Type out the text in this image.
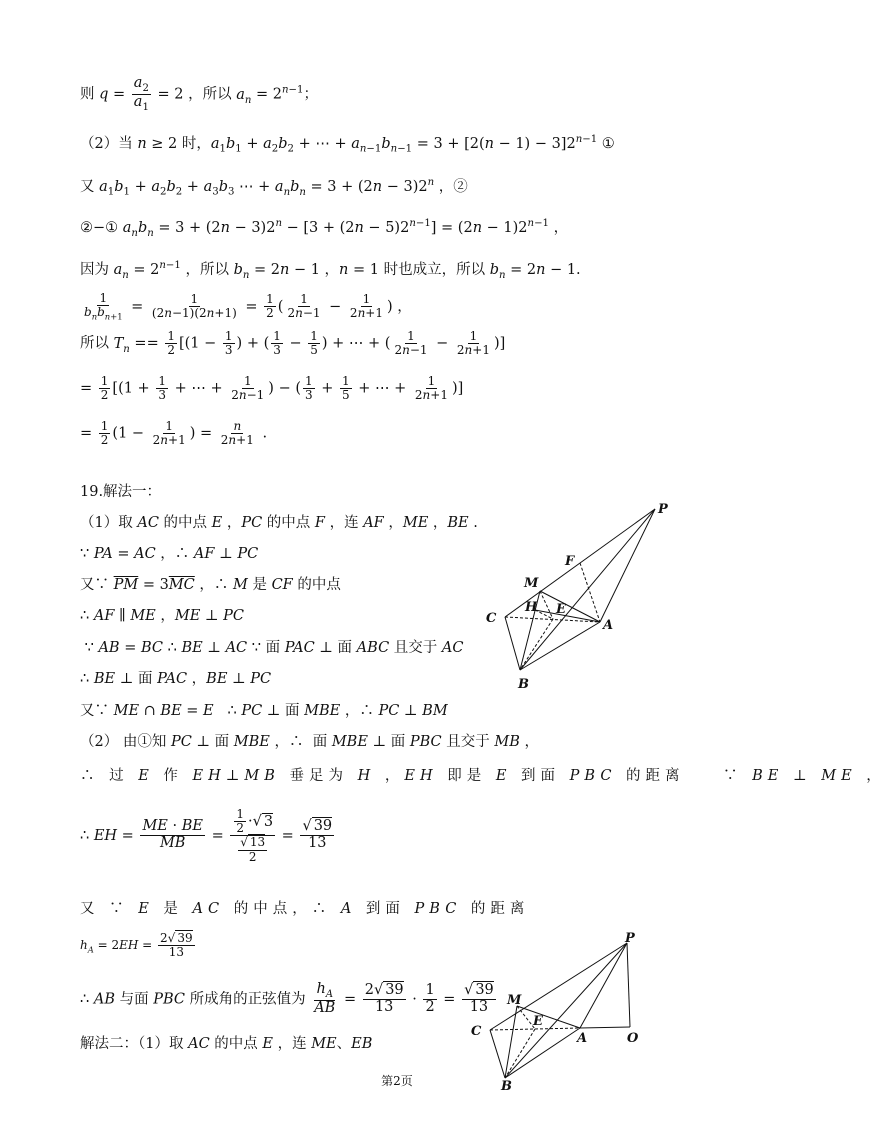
则 $q = \frac{a_2}{a_1} = 2$ ，所以 $a_n = 2^{n-1}$；
（2）当 n ≥ 2 时，$a_1b_1 + a_2b_2$ + ⋯ + $a_{n-1}b_{n-1} = 3 + [2(n - 1) - 3]2^{n-1}$ ①
又 $a_1b_1 + a_2b_2 + a_3b_3$ ⋯ + $a_nb_n = 3 + (2n - 3)2^n$ ，②
②−① $a_nb_n = 3 + (2n - 3)2^n - [3 + (2n - 5)2^{n-1}] = (2n - 1)2^{n-1}$ ，
因为 $a_n = 2^{n-1}$ ，所以 $b_n = 2n - 1$ ，n = 1 时也成立，所以 $b_n = 2n - 1$.
$\frac{1}{b_nb_{n+1}} = \frac{1}{(2n-1)(2n+1)} = \frac{1}{2}$ ( $\frac{1}{2n-1} - \frac{1}{2n+1}$ ) ，
所以 $T_n == \frac{1}{2} [(1 - \frac{1}{3}$ ) + ( $\frac{1}{3} - \frac{1}{5}$ ) + ⋯ + ( $\frac{1}{2n-1} - \frac{1}{2n+1}$ )]
= $\frac{1}{2} [(1 + \frac{1}{3}$ + ⋯ + $\frac{1}{2n-1}$ ) − ( $\frac{1}{3} + \frac{1}{5}$ + ⋯ + $\frac{1}{2n+1}$ )]
= $\frac{1}{2} (1 - \frac{1}{2n+1}$ ) = $\frac{n}{2n+1}$ .
19.解法一：
（1）取 AC 的中点 E ，PC 的中点 F ，连 AF ，ME ，BE .
∵ PA = AC ，∴ AF ⊥ PC
又∵ $\overline{PM} = 3\overline{MC}$ ，∴ M 是 CF 的中点
∴ AF ∥ ME ，ME ⊥ PC
∵ AB = BC ∴ BE ⊥ AC ∵ 面 PAC ⊥ 面 ABC 且交于 AC
∴ BE ⊥ 面 PAC ，BE ⊥ PC
又∵ ME ∩ BE = E   ∴ PC ⊥ 面 MBE ，∴ PC ⊥ BM
（2） 由①知 PC ⊥ 面 MBE ，∴  面 MBE ⊥ 面 PBC 且交于 MB ，
∴ 过 E 作 EH⊥MB 垂足为 H ，EH 即是 E 到面 PBC 的距离    ∵ BE ⊥ ME ，
∴ EH = $\frac{ME \cdot BE}{MB} = \frac{\frac{1}{2} \cdot√ 3}{\frac{√ 13}{2}} = \frac{√ 39}{13}$
又 ∵ E 是 AC 的中点，∴ A 到面 PBC 的距离
$h_A = 2EH = \frac{2√ 39}{13}$
∴ AB 与面 PBC 所成角的正弦值为 $\frac{h_A}{AB} = \frac{2√ 39}{13} \cdot \frac{1}{2} = \frac{√ 39}{13}$
解法二：（1）取 AC 的中点 E ，连 ME、EB
P
F
M
H E
C	A
B
P
M
E
C	A	O
B
第2页
